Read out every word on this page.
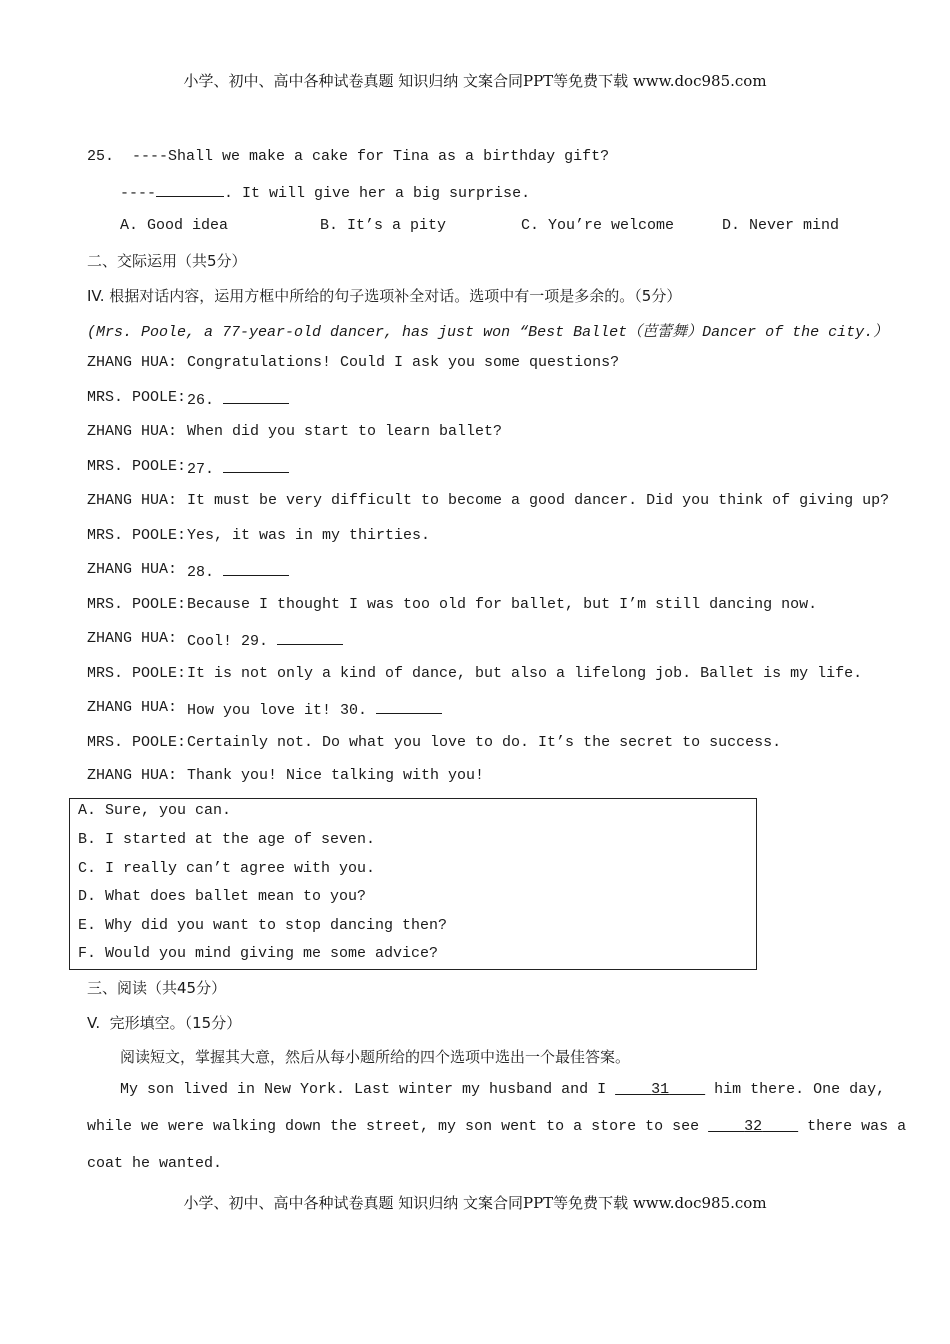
小学、初中、高中各种试卷真题 知识归纳 文案合同PPT等免费下载 www.doc985.com
25.  ----Shall we make a cake for Tina as a birthday gift?
----	. It will give her a big surprise.
A. Good idea	B. It’s a pity	C. You’re welcome	D. Never mind
二、交际运用（共5分）
IV. 根据对话内容，运用方框中所给的句子选项补全对话。选项中有一项是多余的。（5分）
(Mrs. Poole, a 77-year-old dancer, has just won “Best Ballet（芭蕾舞）Dancer of the city.）
ZHANG HUA: Congratulations! Could I ask you some questions?
MRS. POOLE: 26.
ZHANG HUA: When did you start to learn ballet?
MRS. POOLE: 27.
ZHANG HUA: It must be very difficult to become a good dancer. Did you think of giving up?
MRS. POOLE: Yes, it was in my thirties.
ZHANG HUA: 28.
MRS. POOLE: Because I thought I was too old for ballet, but I’m still dancing now.
ZHANG HUA: Cool! 29.
MRS. POOLE: It is not only a kind of dance, but also a lifelong job. Ballet is my life.
ZHANG HUA: How you love it! 30.
MRS. POOLE: Certainly not. Do what you love to do. It’s the secret to success.
ZHANG HUA: Thank you! Nice talking with you!
A. Sure, you can.
B. I started at the age of seven.
C. I really can’t agree with you.
D. What does ballet mean to you?
E. Why did you want to stop dancing then?
F. Would you mind giving me some advice?
三、阅读（共45分）
V.  完形填空。（15分）
阅读短文，掌握其大意，然后从每小题所给的四个选项中选出一个最佳答案。
My son lived in New York. Last winter my husband and I     31     him there. One day,
while we were walking down the street, my son went to a store to see     32     there was a
coat he wanted.
小学、初中、高中各种试卷真题 知识归纳 文案合同PPT等免费下载 www.doc985.com
